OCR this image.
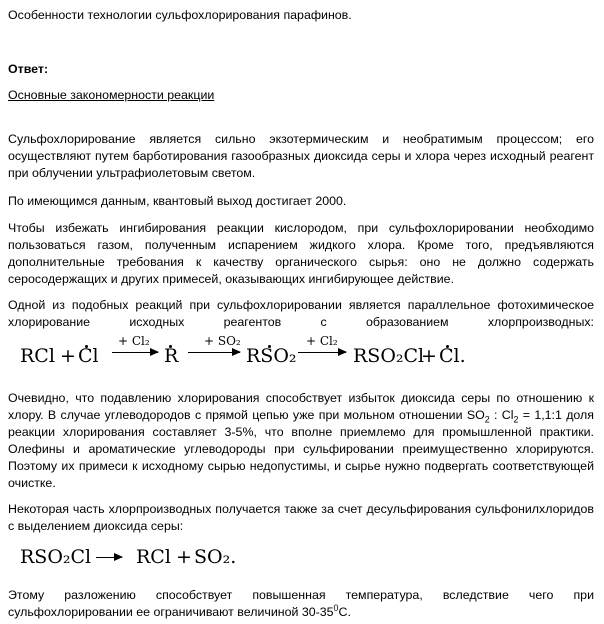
Особенности технологии сульфохлорирования парафинов.

Ответ:

Основные закономерности реакции

Сульфохлорирование является сильно экзотермическим и необратимым процессом; его осуществляют путем барботирования газообразных диоксида серы и хлора через исходный реагент при облучении ультрафиолетовым светом.

По имеющимся данным, квантовый выход достигает 2000.

Чтобы избежать ингибирования реакции кислородом, при сульфохлорировании необходимо пользоваться газом, полученным испарением жидкого хлора. Кроме того, предъявляются дополнительные требования к качеству органического сырья: оно не должно содержать серосодержащих и других примесей, оказывающих ингибирующее действие.

Одной из подобных реакций при сульфохлорировании является параллельное фотохимическое

хлорирование исходных реагентов с образованием хлорпроизводных:

RCl + Cl
+ Cl₂
→ R
+ SO₂
RSO₂
+ Cl₂
→ RSO₂Cl
+ Cl.

Очевидно, что подавлению хлорирования способствует избыток диоксида серы по отношению к хлору. В случае углеводородов с прямой цепью уже при мольном отношении $SO_2$ : $Cl_2$ = 1,1:1 доля реакции хлорирования составляет 3-5%, что вполне приемлемо для промышленной практики. Олефины и ароматические углеводороды при сульфировании преимущественно хлорируются. Поэтому их примеси к исходному сырью недопустимы, и сырье нужно подвергать соответствующей очистке.

Некоторая часть хлорпроизводных получается также за счет десульфирования сульфонилхлоридов с выделением диоксида серы:

RSO₂Cl → RCl + SO₂.

Этому разложению способствует повышенная температура, вследствие чего при сульфохлорировании ее ограничивают величиной $30-35^0С$.
